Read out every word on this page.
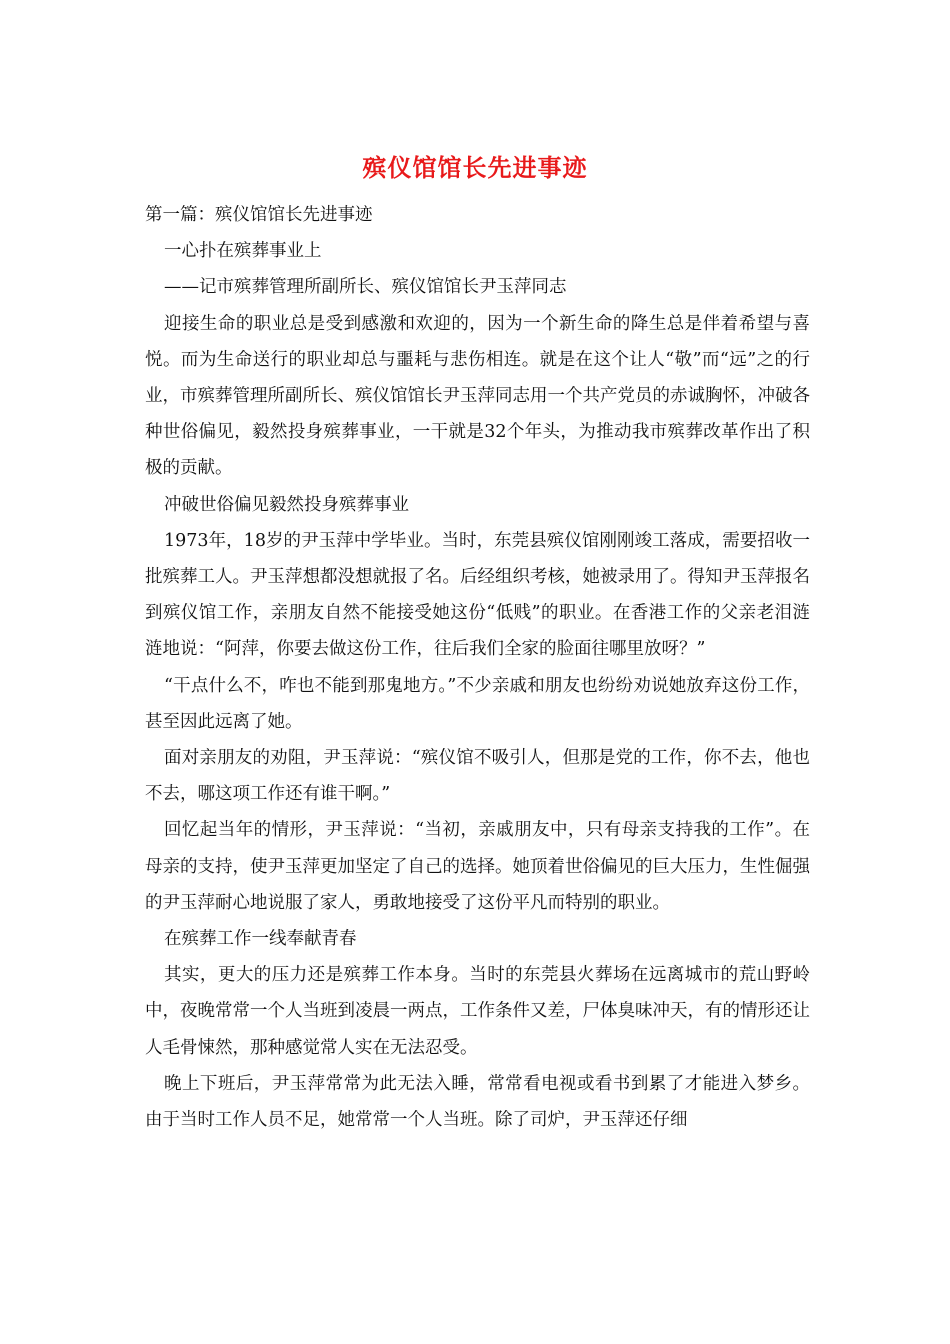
殡仪馆馆长先进事迹

第一篇：殡仪馆馆长先进事迹

一心扑在殡葬事业上

——记市殡葬管理所副所长、殡仪馆馆长尹玉萍同志

迎接生命的职业总是受到感激和欢迎的，因为一个新生命的降生总是伴着希望与喜悦。而为生命送行的职业却总与噩耗与悲伤相连。就是在这个让人“敬”而“远”之的行业，市殡葬管理所副所长、殡仪馆馆长尹玉萍同志用一个共产党员的赤诚胸怀，冲破各种世俗偏见，毅然投身殡葬事业，一干就是32个年头，为推动我市殡葬改革作出了积极的贡献。

冲破世俗偏见毅然投身殡葬事业

1973年，18岁的尹玉萍中学毕业。当时，东莞县殡仪馆刚刚竣工落成，需要招收一批殡葬工人。尹玉萍想都没想就报了名。后经组织考核，她被录用了。得知尹玉萍报名到殡仪馆工作，亲朋友自然不能接受她这份“低贱”的职业。在香港工作的父亲老泪涟涟地说：“阿萍，你要去做这份工作，往后我们全家的脸面往哪里放呀？”

“干点什么不，咋也不能到那鬼地方。”不少亲戚和朋友也纷纷劝说她放弃这份工作，甚至因此远离了她。

面对亲朋友的劝阻，尹玉萍说：“殡仪馆不吸引人，但那是党的工作，你不去，他也不去，哪这项工作还有谁干啊。”

回忆起当年的情形，尹玉萍说：“当初，亲戚朋友中，只有母亲支持我的工作”。在母亲的支持，使尹玉萍更加坚定了自己的选择。她顶着世俗偏见的巨大压力，生性倔强的尹玉萍耐心地说服了家人，勇敢地接受了这份平凡而特别的职业。

在殡葬工作一线奉献青春

其实，更大的压力还是殡葬工作本身。当时的东莞县火葬场在远离城市的荒山野岭中，夜晚常常一个人当班到凌晨一两点，工作条件又差，尸体臭味冲天，有的情形还让人毛骨悚然，那种感觉常人实在无法忍受。

晚上下班后，尹玉萍常常为此无法入睡，常常看电视或看书到累了才能进入梦乡。由于当时工作人员不足，她常常一个人当班。除了司炉，尹玉萍还仔细
